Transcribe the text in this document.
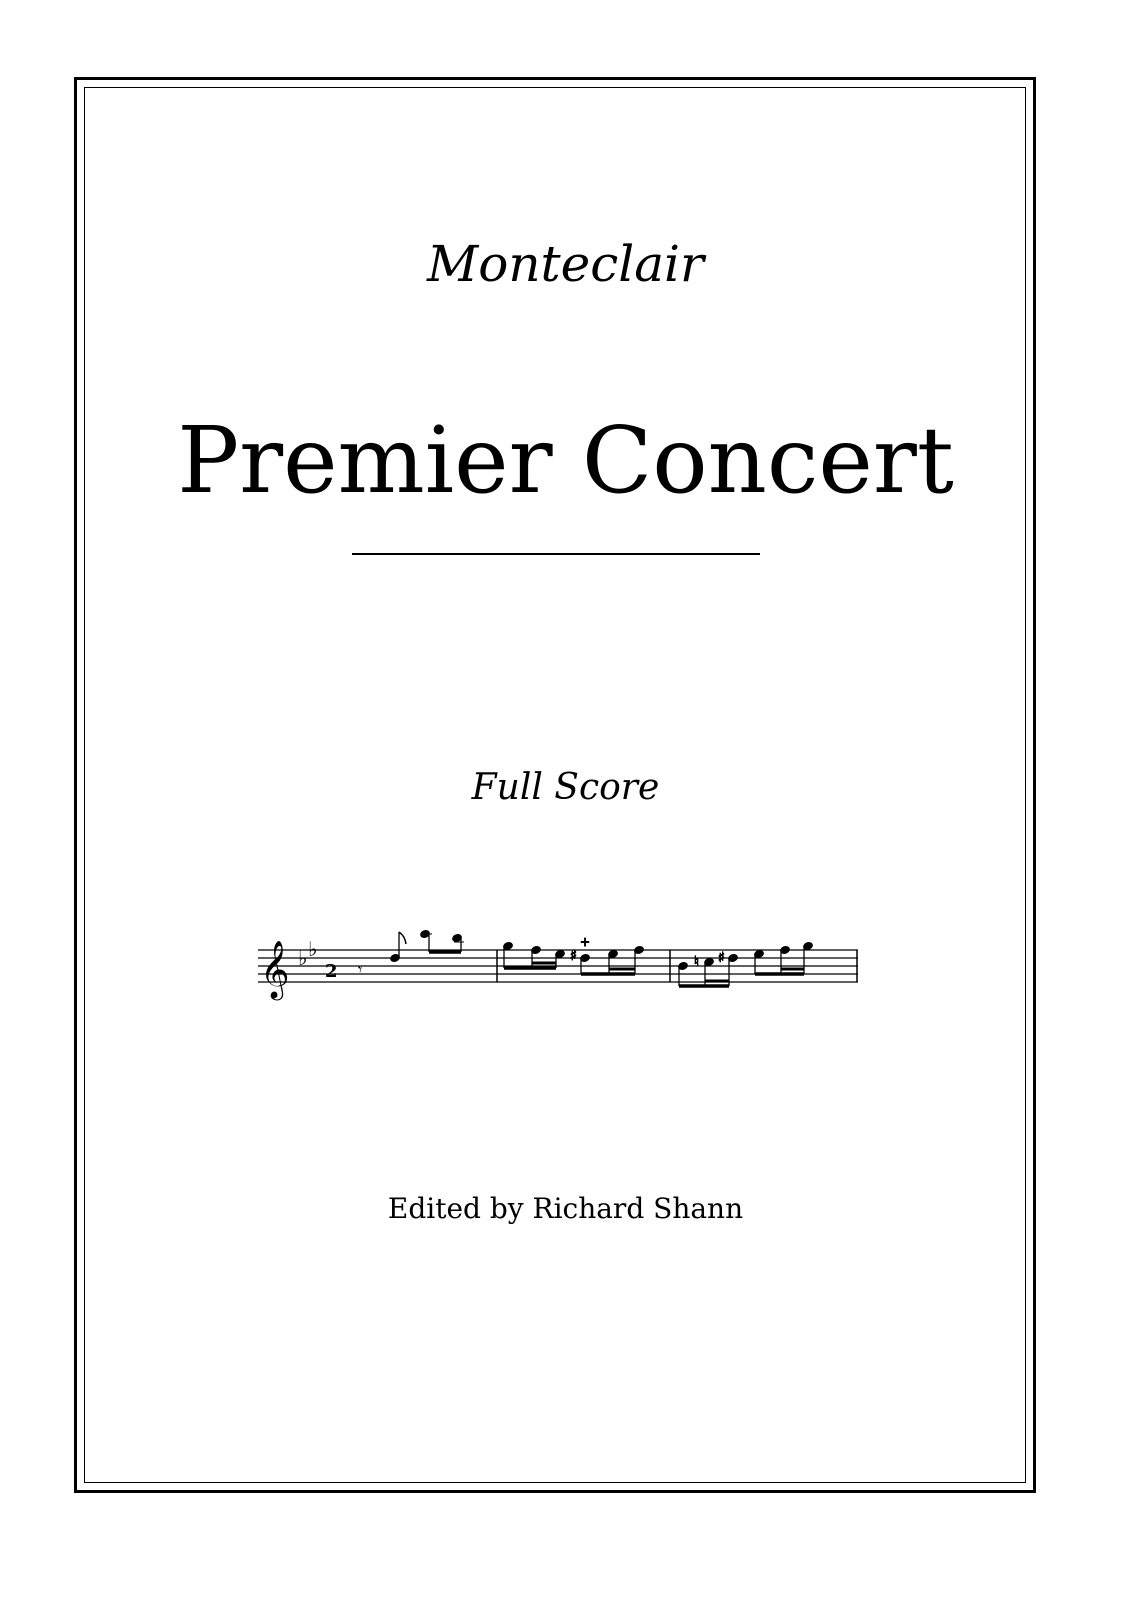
Monteclair
Premier Concert
Full Score
𝄞 ♭ ♭
2 𝄾
♯
+
♮ ♯
Edited by Richard Shann
